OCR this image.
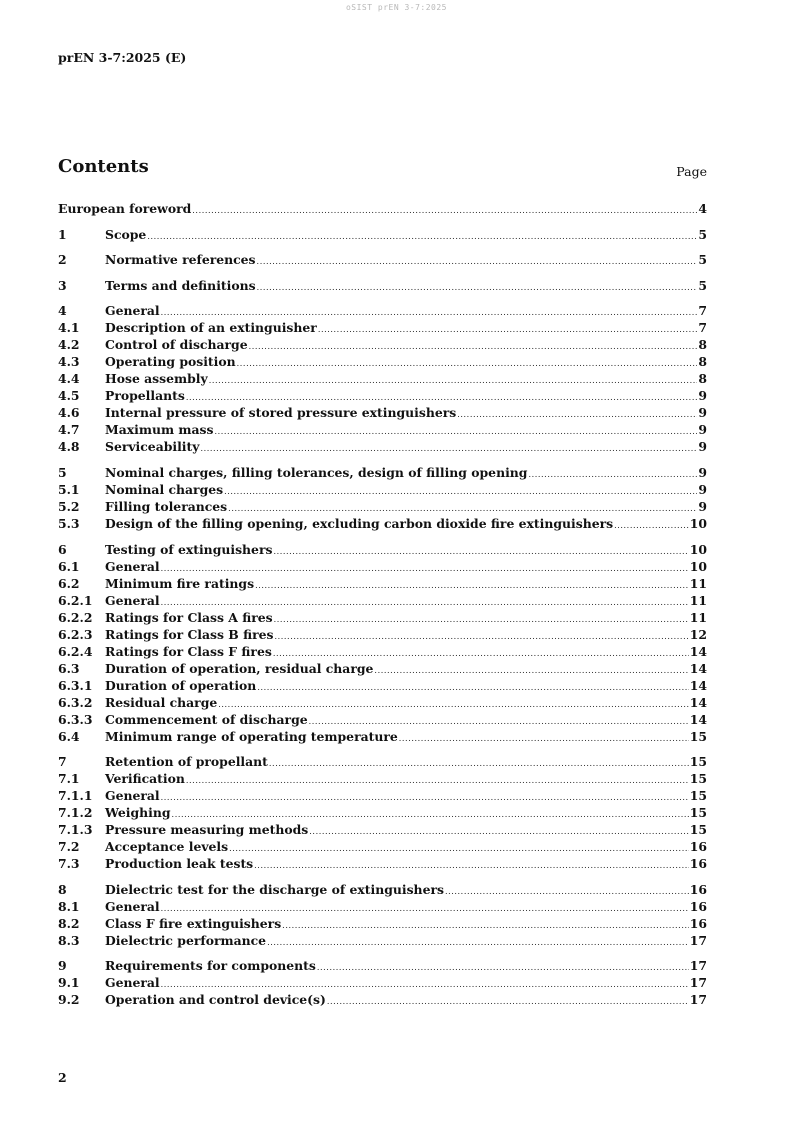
oSIST prEN 3-7:2025
prEN 3-7:2025 (E)
Contents	Page
European foreword .....	4
1	Scope .....	5
2	Normative references .....	5
3	Terms and definitions .....	5
4	General .....	7
4.1	Description of an extinguisher .....	7
4.2	Control of discharge .....	8
4.3	Operating position .....	8
4.4	Hose assembly .....	8
4.5	Propellants .....	9
4.6	Internal pressure of stored pressure extinguishers .....	9
4.7	Maximum mass .....	9
4.8	Serviceability .....	9
5	Nominal charges, filling tolerances, design of filling opening .....	9
5.1	Nominal charges .....	9
5.2	Filling tolerances .....	9
5.3	Design of the filling opening, excluding carbon dioxide fire extinguishers .....	10
6	Testing of extinguishers .....	10
6.1	General .....	10
6.2	Minimum fire ratings .....	11
6.2.1	General .....	11
6.2.2	Ratings for Class A fires .....	11
6.2.3	Ratings for Class B fires .....	12
6.2.4	Ratings for Class F fires .....	14
6.3	Duration of operation, residual charge .....	14
6.3.1	Duration of operation .....	14
6.3.2	Residual charge .....	14
6.3.3	Commencement of discharge .....	14
6.4	Minimum range of operating temperature .....	15
7	Retention of propellant .....	15
7.1	Verification .....	15
7.1.1	General .....	15
7.1.2	Weighing .....	15
7.1.3	Pressure measuring methods .....	15
7.2	Acceptance levels .....	16
7.3	Production leak tests .....	16
8	Dielectric test for the discharge of extinguishers .....	16
8.1	General .....	16
8.2	Class F fire extinguishers .....	16
8.3	Dielectric performance .....	17
9	Requirements for components .....	17
9.1	General .....	17
9.2	Operation and control device(s) .....	17
2
